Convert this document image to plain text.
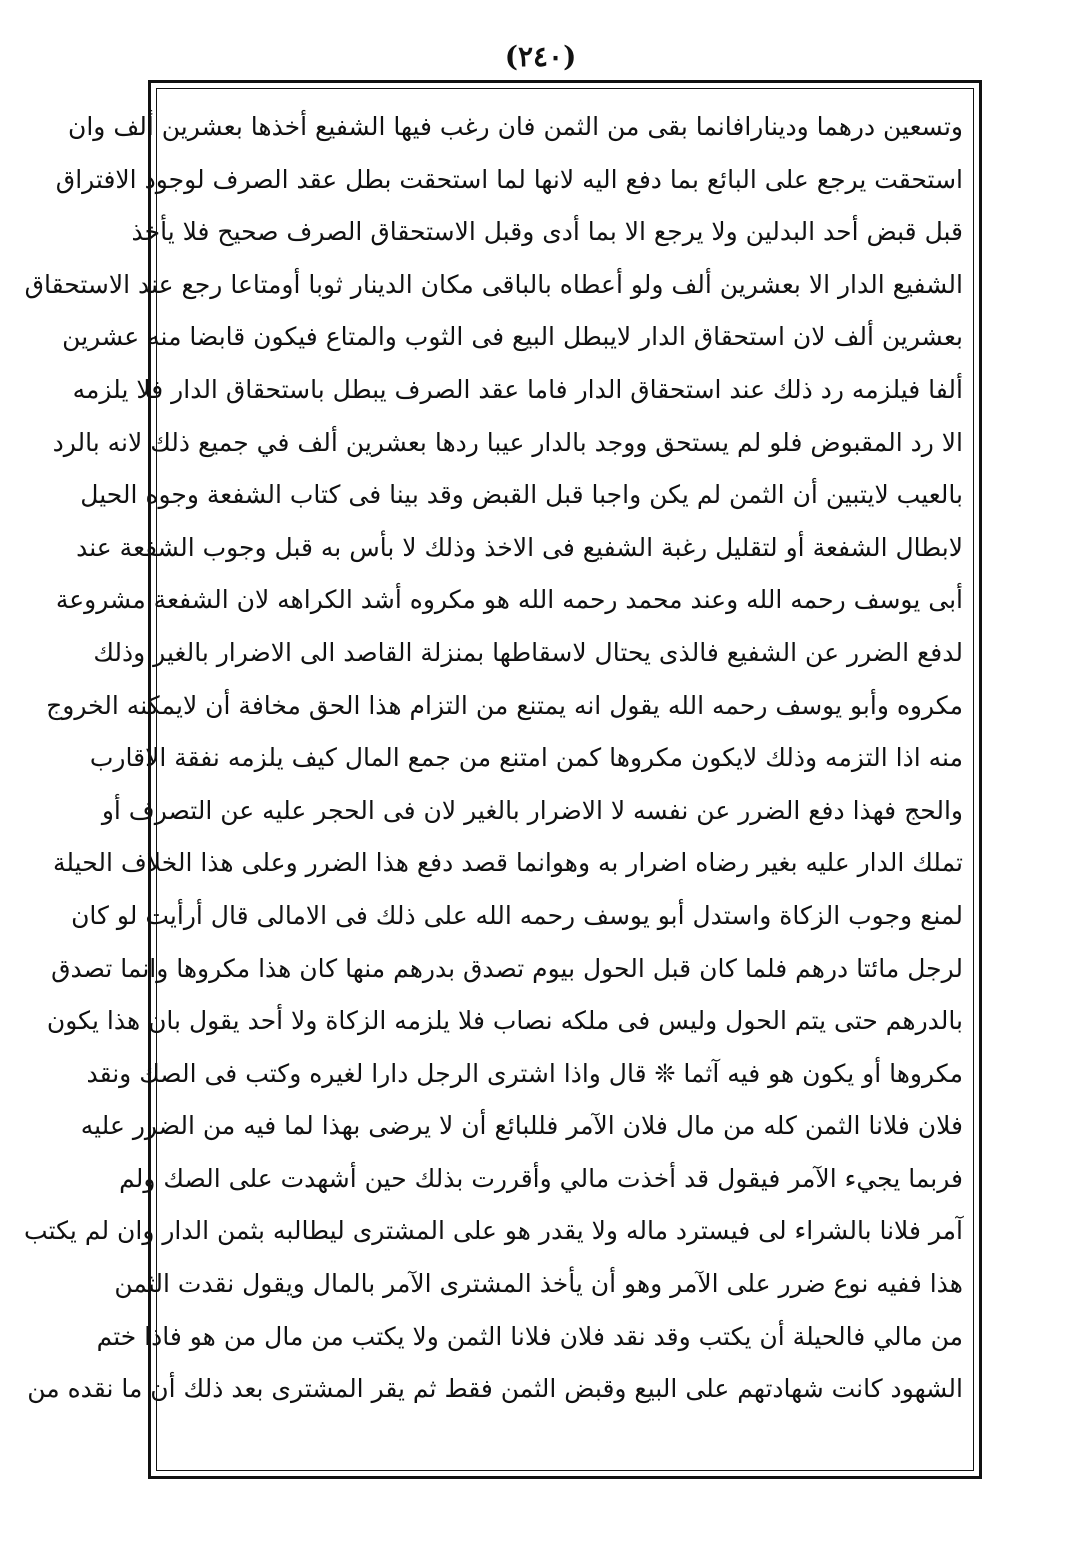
(٢٤٠)
وتسعين درهما ودينارافانما بقى من الثمن فان رغب فيها الشفيع أخذها بعشرين ألف وان
استحقت يرجع على البائع بما دفع اليه لانها لما استحقت بطل عقد الصرف لوجود الافتراق
قبل قبض أحد البدلين ولا يرجع الا بما أدى وقبل الاستحقاق الصرف صحيح فلا يأخذ
الشفيع الدار الا بعشرين ألف ولو أعطاه بالباقى مكان الدينار ثوبا أومتاعا رجع عند الاستحقاق
بعشرين ألف لان استحقاق الدار لايبطل البيع فى الثوب والمتاع فيكون قابضا منه عشرين
ألفا فيلزمه رد ذلك عند استحقاق الدار فاما عقد الصرف يبطل باستحقاق الدار فلا يلزمه
الا رد المقبوض فلو لم يستحق ووجد بالدار عيبا ردها بعشرين ألف في جميع ذلك لانه بالرد
بالعيب لايتبين أن الثمن لم يكن واجبا قبل القبض وقد بينا فى كتاب الشفعة وجوه الحيل
لابطال الشفعة أو لتقليل رغبة الشفيع فى الاخذ وذلك لا بأس به قبل وجوب الشفعة عند
أبى يوسف رحمه الله وعند محمد رحمه الله هو مكروه أشد الكراهه لان الشفعة مشروعة
لدفع الضرر عن الشفيع فالذى يحتال لاسقاطها بمنزلة القاصد الى الاضرار بالغير وذلك
مكروه وأبو يوسف رحمه الله يقول انه يمتنع من التزام هذا الحق مخافة أن لايمكنه الخروج
منه اذا التزمه وذلك لايكون مكروها كمن امتنع من جمع المال كيف يلزمه نفقة الاقارب
والحج فهذا دفع الضرر عن نفسه لا الاضرار بالغير لان فى الحجر عليه عن التصرف أو
تملك الدار عليه بغير رضاه اضرار به وهوانما قصد دفع هذا الضرر وعلى هذا الخلاف الحيلة
لمنع وجوب الزكاة واستدل أبو يوسف رحمه الله على ذلك فى الامالى قال أرأيت لو كان
لرجل مائتا درهم فلما كان قبل الحول بيوم تصدق بدرهم منها كان هذا مكروها وانما تصدق
بالدرهم حتى يتم الحول وليس فى ملكه نصاب فلا يلزمه الزكاة ولا أحد يقول بان هذا يكون
مكروها أو يكون هو فيه آثما ❊ قال واذا اشترى الرجل دارا لغيره وكتب فى الصك ونقد
فلان فلانا الثمن كله من مال فلان الآمر فللبائع أن لا يرضى بهذا لما فيه من الضرر عليه
فربما يجيء الآمر فيقول قد أخذت مالي وأقررت بذلك حين أشهدت على الصك ولم
آمر فلانا بالشراء لى فيسترد ماله ولا يقدر هو على المشترى ليطالبه بثمن الدار وان لم يكتب
هذا ففيه نوع ضرر على الآمر وهو أن يأخذ المشترى الآمر بالمال ويقول نقدت الثمن
من مالي فالحيلة أن يكتب وقد نقد فلان فلانا الثمن ولا يكتب من مال من هو فاذا ختم
الشهود كانت شهادتهم على البيع وقبض الثمن فقط ثم يقر المشترى بعد ذلك أن ما نقده من
